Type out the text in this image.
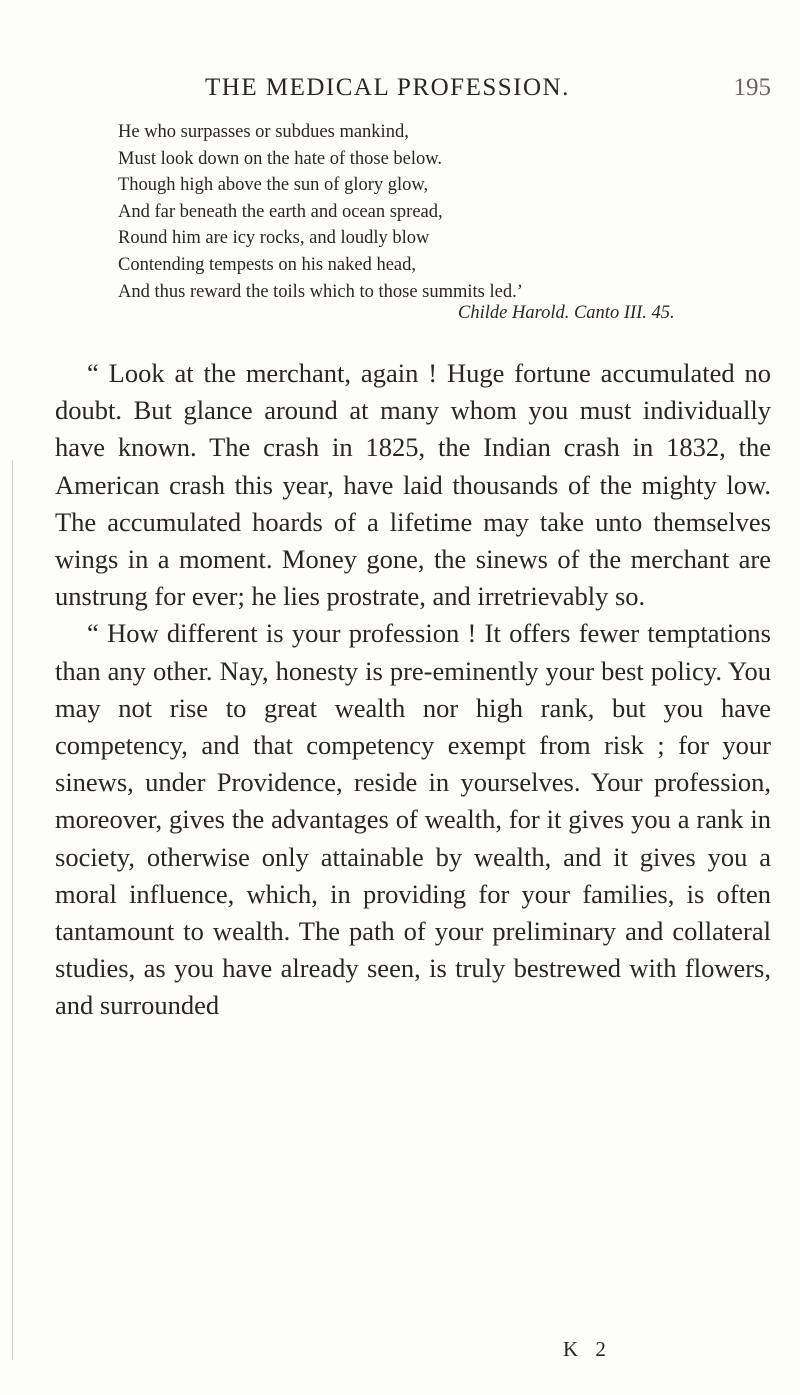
THE MEDICAL PROFESSION.	195
He who surpasses or subdues mankind,
Must look down on the hate of those below.
Though high above the sun of glory glow,
And far beneath the earth and ocean spread,
Round him are icy rocks, and loudly blow
Contending tempests on his naked head,
And thus reward the toils which to those summits led.’
Childe Harold. Canto III. 45.

“ Look at the merchant, again ! Huge fortune accumulated no doubt. But glance around at many whom you must individually have known. The crash in 1825, the Indian crash in 1832, the American crash this year, have laid thousands of the mighty low. The accumulated hoards of a lifetime may take unto themselves wings in a moment. Money gone, the sinews of the merchant are unstrung for ever; he lies prostrate, and irretrievably so.

“ How different is your profession ! It offers fewer temptations than any other. Nay, honesty is pre-eminently your best policy. You may not rise to great wealth nor high rank, but you have competency, and that competency exempt from risk ; for your sinews, under Providence, reside in yourselves. Your profession, moreover, gives the advantages of wealth, for it gives you a rank in society, otherwise only attainable by wealth, and it gives you a moral influence, which, in providing for your families, is often tantamount to wealth. The path of your preliminary and collateral studies, as you have already seen, is truly bestrewed with flowers, and surrounded

K 2
